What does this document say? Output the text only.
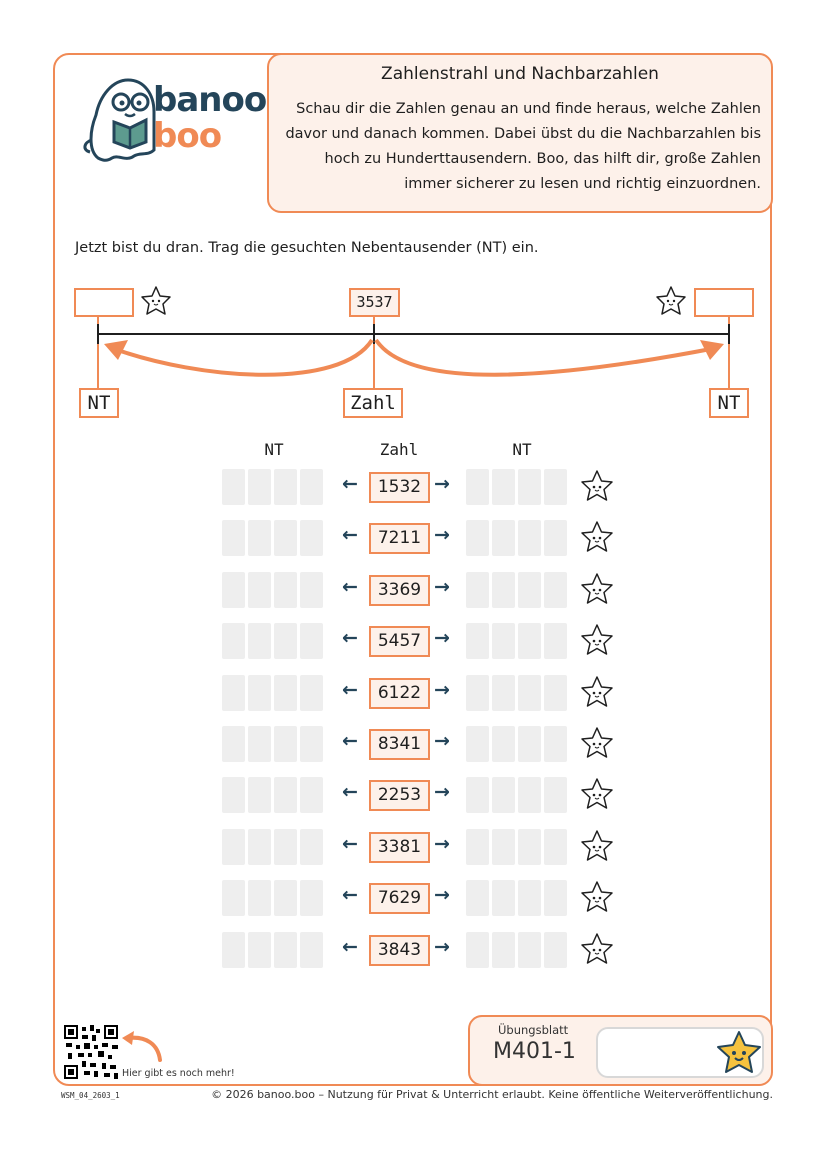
banoo
boo
Zahlenstrahl und Nachbarzahlen
Schau dir die Zahlen genau an und finde heraus, welche Zahlen davor und danach kommen. Dabei übst du die Nachbarzahlen bis hoch zu Hunderttausendern. Boo, das hilft dir, große Zahlen immer sicherer zu lesen und richtig einzuordnen.
Jetzt bist du dran. Trag die gesuchten Nebentausender (NT) ein.
3537
NT	Zahl	NT
NT	Zahl	NT
←	1532 →
←	7211 →
←	3369 →
←	5457 →
←	6122 →
←	8341 →
←	2253 →
←	3381 →
←	7629 →
←	3843 →
Hier gibt es noch mehr!
Übungsblatt
M401-1
WSM_04_2603_1	© 2026 banoo.boo – Nutzung für Privat & Unterricht erlaubt. Keine öffentliche Weiterveröffentlichung.
